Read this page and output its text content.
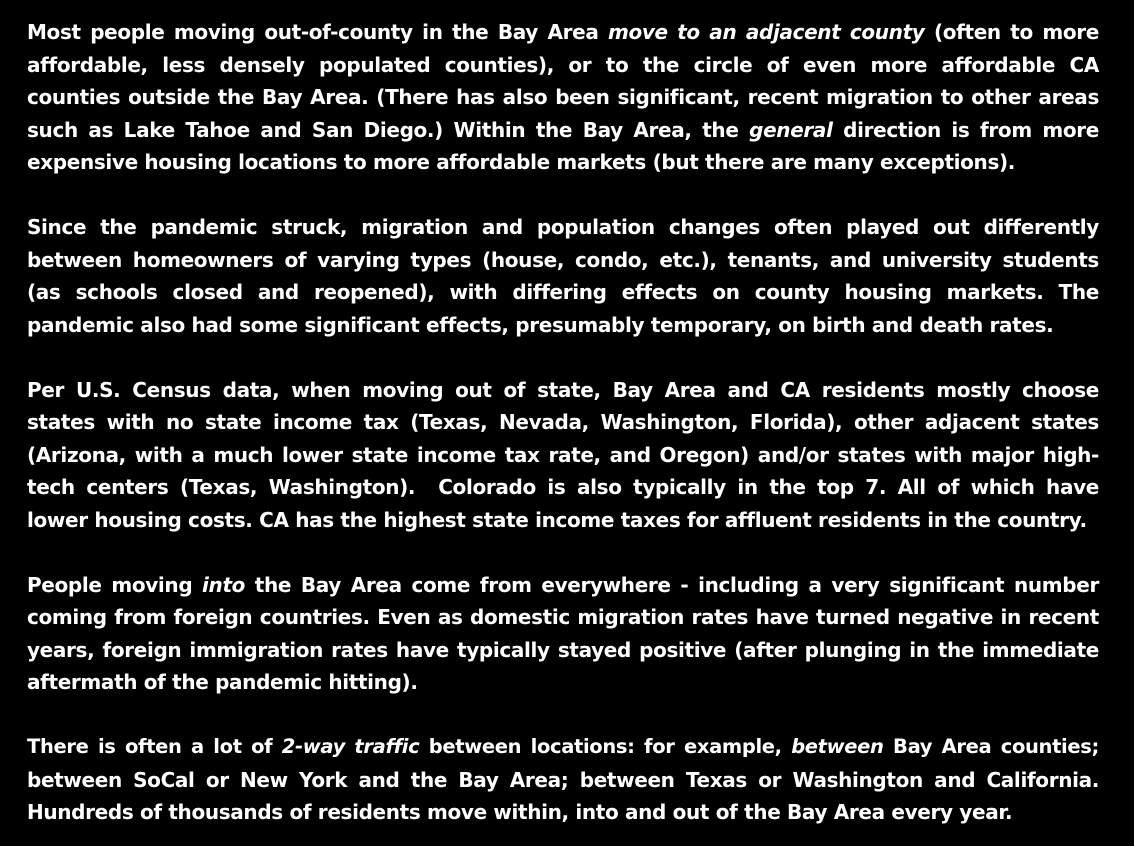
Most people moving out-of-county in the Bay Area move to an adjacent county (often to more
affordable, less densely populated counties), or to the circle of even more affordable CA
counties outside the Bay Area. (There has also been significant, recent migration to other areas
such as Lake Tahoe and San Diego.) Within the Bay Area, the general direction is from more
expensive housing locations to more affordable markets (but there are many exceptions).
Since the pandemic struck, migration and population changes often played out differently
between homeowners of varying types (house, condo, etc.), tenants, and university students
(as schools closed and reopened), with differing effects on county housing markets. The
pandemic also had some significant effects, presumably temporary, on birth and death rates.
Per U.S. Census data, when moving out of state, Bay Area and CA residents mostly choose
states with no state income tax (Texas, Nevada, Washington, Florida), other adjacent states
(Arizona, with a much lower state income tax rate, and Oregon) and/or states with major high-
tech centers (Texas, Washington).  Colorado is also typically in the top 7. All of which have
lower housing costs. CA has the highest state income taxes for affluent residents in the country.
People moving into the Bay Area come from everywhere - including a very significant number
coming from foreign countries. Even as domestic migration rates have turned negative in recent
years, foreign immigration rates have typically stayed positive (after plunging in the immediate
aftermath of the pandemic hitting).
There is often a lot of 2-way traffic between locations: for example, between Bay Area counties;
between SoCal or New York and the Bay Area; between Texas or Washington and California.
Hundreds of thousands of residents move within, into and out of the Bay Area every year.
